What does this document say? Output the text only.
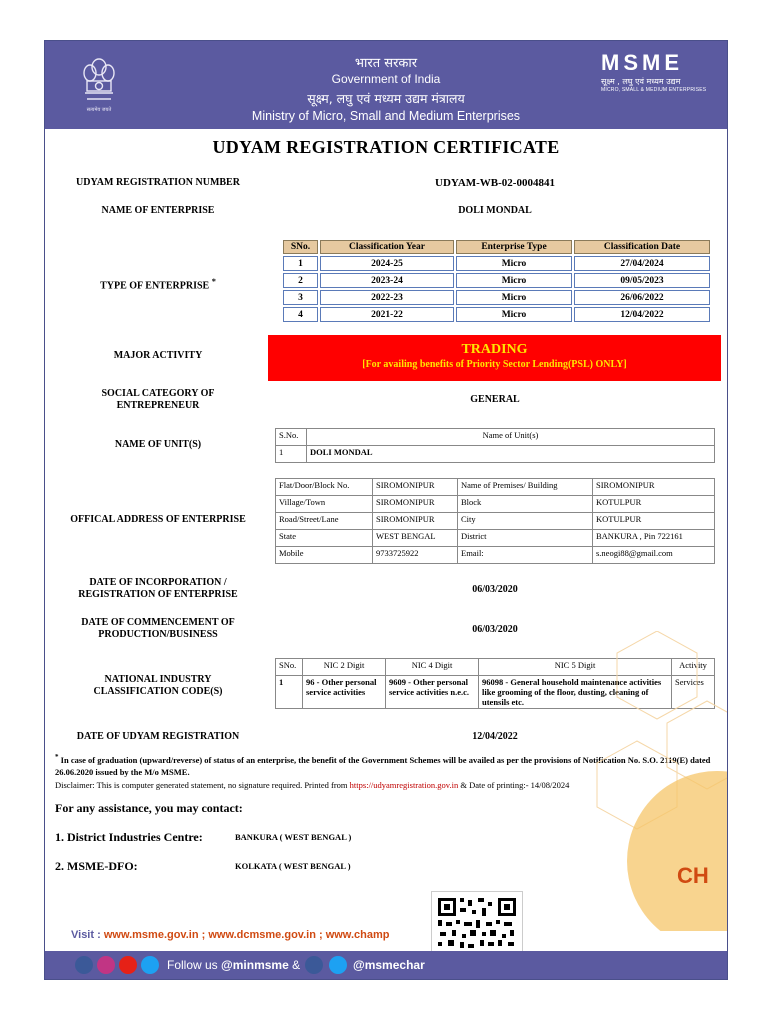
सत्यमेव जयते
भारत सरकार
Government of India
सूक्ष्म, लघु एवं मध्यम उद्यम मंत्रालय
Ministry of Micro, Small and Medium Enterprises
MSME
सूक्ष्म , लघु एवं मध्यम उद्यम
MICRO, SMALL & MEDIUM ENTERPRISES
UDYAM REGISTRATION CERTIFICATE
UDYAM REGISTRATION NUMBER	UDYAM-WB-02-0004841
NAME OF ENTERPRISE	DOLI MONDAL
TYPE OF ENTERPRISE *
SNo.	Classification Year	Enterprise Type	Classification Date
1	2024-25	Micro	27/04/2024
2	2023-24	Micro	09/05/2023
3	2022-23	Micro	26/06/2022
4	2021-22	Micro	12/04/2022
MAJOR ACTIVITY	TRADING
[For availing benefits of Priority Sector Lending(PSL) ONLY]
SOCIAL CATEGORY OF ENTREPRENEUR
GENERAL
NAME OF UNIT(S)
S.No.	Name of Unit(s)
1	DOLI MONDAL
OFFICAL ADDRESS OF ENTERPRISE
Flat/Door/Block No.	SIROMONIPUR	Name of Premises/ Building	SIROMONIPUR
Village/Town	SIROMONIPUR	Block	KOTULPUR
Road/Street/Lane	SIROMONIPUR	City	KOTULPUR
State	WEST BENGAL	District	BANKURA , Pin 722161
Mobile	9733725922	Email:	s.neogi88@gmail.com
DATE OF INCORPORATION / REGISTRATION OF ENTERPRISE	06/03/2020
DATE OF COMMENCEMENT OF PRODUCTION/BUSINESS	06/03/2020
NATIONAL INDUSTRY CLASSIFICATION CODE(S)
SNo.	NIC 2 Digit	NIC 4 Digit	NIC 5 Digit	Activity
1	96 - Other personal service activities	9609 - Other personal service activities n.e.c.	96098 - General household maintenance activities like grooming of the floor, dusting, cleaning of utensils etc.	Services
DATE OF UDYAM REGISTRATION	12/04/2022
* In case of graduation (upward/reverse) of status of an enterprise, the benefit of the Government Schemes will be availed as per the provisions of Notification No. S.O. 2119(E) dated 26.06.2020 issued by the M/o MSME.
Disclaimer: This is computer generated statement, no signature required. Printed from https://udyamregistration.gov.in & Date of printing:- 14/08/2024
For any assistance, you may contact:
1. District Industries Centre:	BANKURA ( WEST BENGAL )
2. MSME-DFO:	KOLKATA ( WEST BENGAL )	CH
Visit : www.msme.gov.in ; www.dcmsme.gov.in ; www.champ
Follow us @minmsme &	@msmechar
